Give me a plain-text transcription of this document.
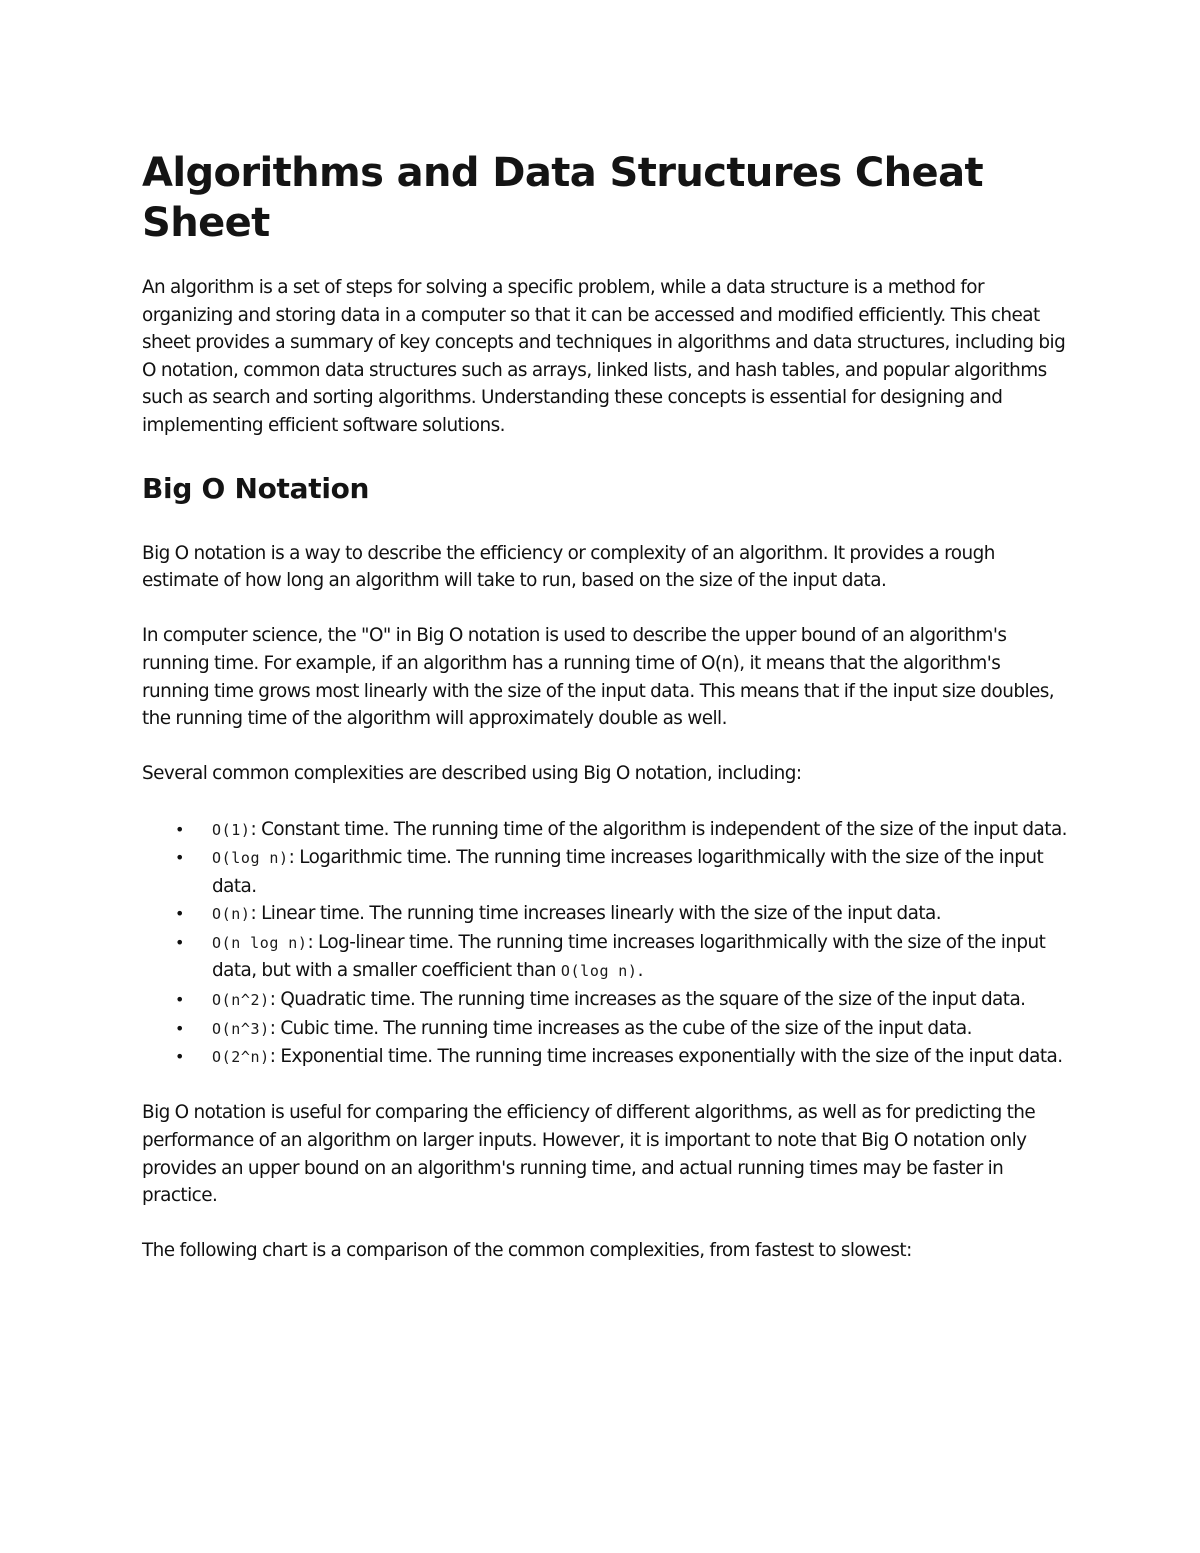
Algorithms and Data Structures Cheat Sheet

An algorithm is a set of steps for solving a specific problem, while a data structure is a method for organizing and storing data in a computer so that it can be accessed and modified efficiently. This cheat sheet provides a summary of key concepts and techniques in algorithms and data structures, including big O notation, common data structures such as arrays, linked lists, and hash tables, and popular algorithms such as search and sorting algorithms. Understanding these concepts is essential for designing and implementing efficient software solutions.

Big O Notation

Big O notation is a way to describe the efficiency or complexity of an algorithm. It provides a rough estimate of how long an algorithm will take to run, based on the size of the input data.

In computer science, the "O" in Big O notation is used to describe the upper bound of an algorithm's running time. For example, if an algorithm has a running time of O(n), it means that the algorithm's running time grows most linearly with the size of the input data. This means that if the input size doubles, the running time of the algorithm will approximately double as well.

Several common complexities are described using Big O notation, including:

• O(1): Constant time. The running time of the algorithm is independent of the size of the input data.
• O(log n): Logarithmic time. The running time increases logarithmically with the size of the input data.
• O(n): Linear time. The running time increases linearly with the size of the input data.
• O(n log n): Log-linear time. The running time increases logarithmically with the size of the input data, but with a smaller coefficient than O(log n).
• O(n^2): Quadratic time. The running time increases as the square of the size of the input data.
• O(n^3): Cubic time. The running time increases as the cube of the size of the input data.
• O(2^n): Exponential time. The running time increases exponentially with the size of the input data.

Big O notation is useful for comparing the efficiency of different algorithms, as well as for predicting the performance of an algorithm on larger inputs. However, it is important to note that Big O notation only provides an upper bound on an algorithm's running time, and actual running times may be faster in practice.

The following chart is a comparison of the common complexities, from fastest to slowest:
